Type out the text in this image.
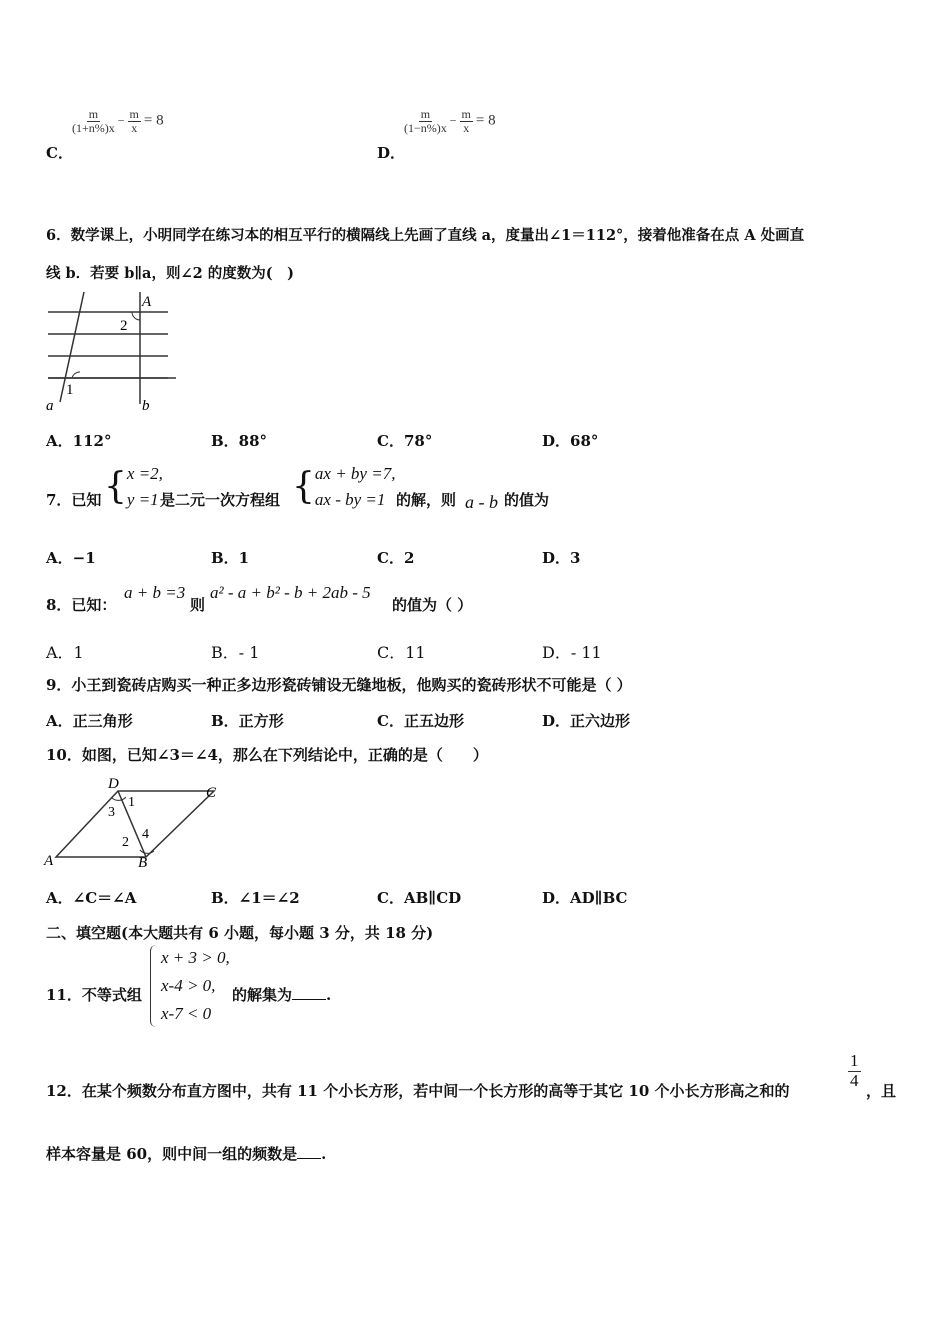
$\frac{m}{(1+n\%)x} - \frac{m}{x} = 8$
C．
$\frac{m}{(1-n\%)x} - \frac{m}{x} = 8$
D．
6．数学课上，小明同学在练习本的相互平行的横隔线上先画了直线 a，度量出∠1＝112°，接着他准备在点 A 处画直
线 b．若要 b∥a，则∠2 的度数为(　)
A
2
1
a	b
A．112°	B．88°	C．78°	D．68°
7．已知 { x =2,
y =1 是二元一次方程组 { ax + by =7,
ax - by =1 的解，则 a - b 的值为
A．−1	B．1	C．2	D．3
8．已知：
a + b =3
则
a² - a + b² - b + 2ab - 5
的值为（ ）
A．1	B．- 1	C．11	D．- 11
9．小王到瓷砖店购买一种正多边形瓷砖铺设无缝地板，他购买的瓷砖形状不可能是（ ）
A．正三角形	B．正方形	C．正五边形	D．正六边形
10．如图，已知∠3＝∠4，那么在下列结论中，正确的是（　　）
D
C
A	B
1
3
2
4
A．∠C＝∠A	B．∠1＝∠2	C．AB∥CD	D．AD∥BC
二、填空题(本大题共有 6 小题，每小题 3 分，共 18 分)
11．不等式组
x + 3 > 0,
x-4 > 0,
x-7 < 0
的解集为 .
12．在某个频数分布直方图中，共有 11 个小长方形，若中间一个长方形的高等于其它 10 个小长方形高之和的
$\frac{1}{4}$
，且
样本容量是 60，则中间一组的频数是 .
